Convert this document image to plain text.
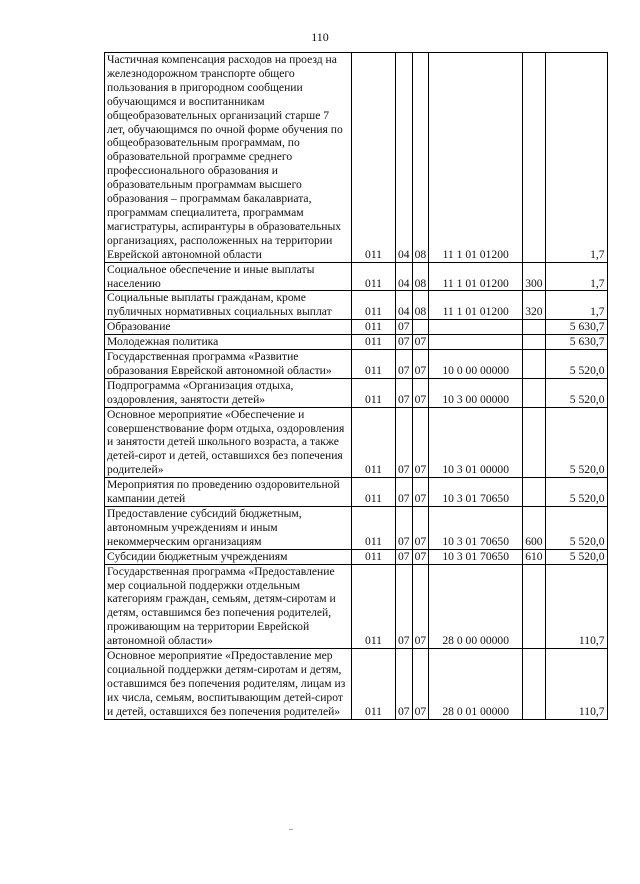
110
Частичная компенсация расходов на проезд на железнодорожном транспорте общего пользования в пригородном сообщении обучающимся и воспитанникам общеобразовательных организаций старше 7 лет, обучающимся по очной форме обучения по общеобразовательным программам, по образовательной программе среднего профессионального образования и образовательным программам высшего образования – программам бакалавриата, программам специалитета, программам магистратуры, аспирантуры в образовательных организациях, расположенных на территории Еврейской автономной области	011	04	08	11 1 01 01200		1,7
Социальное обеспечение и иные выплаты населению	011	04	08	11 1 01 01200	300	1,7
Социальные выплаты гражданам, кроме публичных нормативных социальных выплат	011	04	08	11 1 01 01200	320	1,7
Образование	011	07				5 630,7
Молодежная политика	011	07	07			5 630,7
Государственная программа «Развитие образования Еврейской автономной области»	011	07	07	10 0 00 00000		5 520,0
Подпрограмма «Организация отдыха, оздоровления, занятости детей»	011	07	07	10 3 00 00000		5 520,0
Основное мероприятие «Обеспечение и совершенствование форм отдыха, оздоровления и занятости детей школьного возраста, а также детей-сирот и детей, оставшихся без попечения родителей»	011	07	07	10 3 01 00000		5 520,0
Мероприятия по проведению оздоровительной кампании детей	011	07	07	10 3 01 70650		5 520,0
Предоставление субсидий бюджетным, автономным учреждениям и иным некоммерческим организациям	011	07	07	10 3 01 70650	600	5 520,0
Субсидии бюджетным учреждениям	011	07	07	10 3 01 70650	610	5 520,0
Государственная программа «Предоставление мер социальной поддержки отдельным категориям граждан, семьям, детям-сиротам и детям, оставшимся без попечения родителей, проживающим на территории Еврейской автономной области»	011	07	07	28 0 00 00000		110,7
Основное мероприятие «Предоставление мер социальной поддержки детям-сиротам и детям, оставшимся без попечения родителям, лицам из их числа, семьям, воспитывающим детей-сирот и детей, оставшихся без попечения родителей»	011	07	07	28 0 01 00000		110,7
